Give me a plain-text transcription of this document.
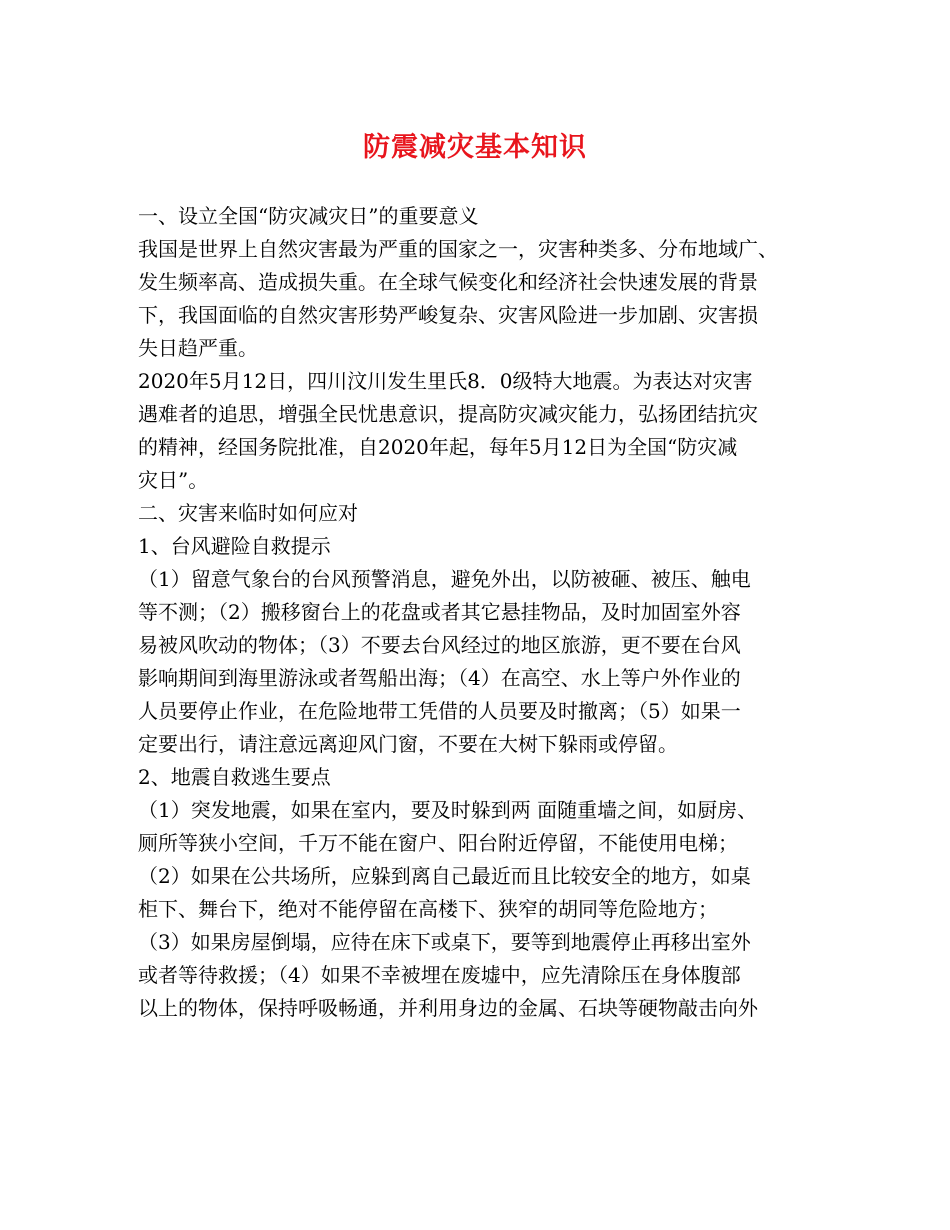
防震减灾基本知识
一、设立全国“防灾减灾日”的重要意义
我国是世界上自然灾害最为严重的国家之一，灾害种类多、分布地域广、
发生频率高、造成损失重。在全球气候变化和经济社会快速发展的背景
下，我国面临的自然灾害形势严峻复杂、灾害风险进一步加剧、灾害损
失日趋严重。
2020年5月12日，四川汶川发生里氏8．0级特大地震。为表达对灾害
遇难者的追思，增强全民忧患意识，提高防灾减灾能力，弘扬团结抗灾
的精神，经国务院批准，自2020年起，每年5月12日为全国“防灾减
灾日”。
二、灾害来临时如何应对
1、台风避险自救提示
（1）留意气象台的台风预警消息，避免外出，以防被砸、被压、触电
等不测；（2）搬移窗台上的花盘或者其它悬挂物品，及时加固室外容
易被风吹动的物体；（3）不要去台风经过的地区旅游，更不要在台风
影响期间到海里游泳或者驾船出海；（4）在高空、水上等户外作业的
人员要停止作业，在危险地带工凭借的人员要及时撤离；（5）如果一
定要出行，请注意远离迎风门窗，不要在大树下躲雨或停留。
2、地震自救逃生要点
（1）突发地震，如果在室内，要及时躲到两 面随重墙之间，如厨房、
厕所等狭小空间，千万不能在窗户、阳台附近停留，不能使用电梯；
（2）如果在公共场所，应躲到离自己最近而且比较安全的地方，如桌
柜下、舞台下，绝对不能停留在高楼下、狭窄的胡同等危险地方；
（3）如果房屋倒塌，应待在床下或桌下，要等到地震停止再移出室外
或者等待救援；（4）如果不幸被埋在废墟中，应先清除压在身体腹部
以上的物体，保持呼吸畅通，并利用身边的金属、石块等硬物敲击向外
